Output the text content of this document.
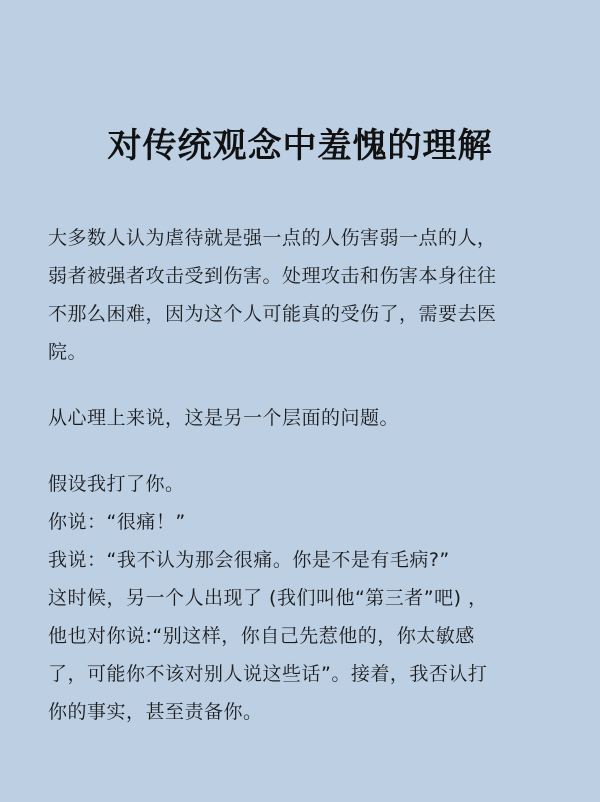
对传统观念中羞愧的理解

大多数人认为虐待就是强一点的人伤害弱一点的人，
弱者被强者攻击受到伤害。处理攻击和伤害本身往往
不那么困难，因为这个人可能真的受伤了，需要去医
院。

从心理上来说，这是另一个层面的问题。

假设我打了你。
你说：“很痛！”
我说：“我不认为那会很痛。你是不是有毛病?”
这时候，另一个人出现了 (我们叫他“第三者”吧) ，
他也对你说:“别这样，你自己先惹他的，你太敏感
了，可能你不该对别人说这些话”。接着，我否认打
你的事实，甚至责备你。
